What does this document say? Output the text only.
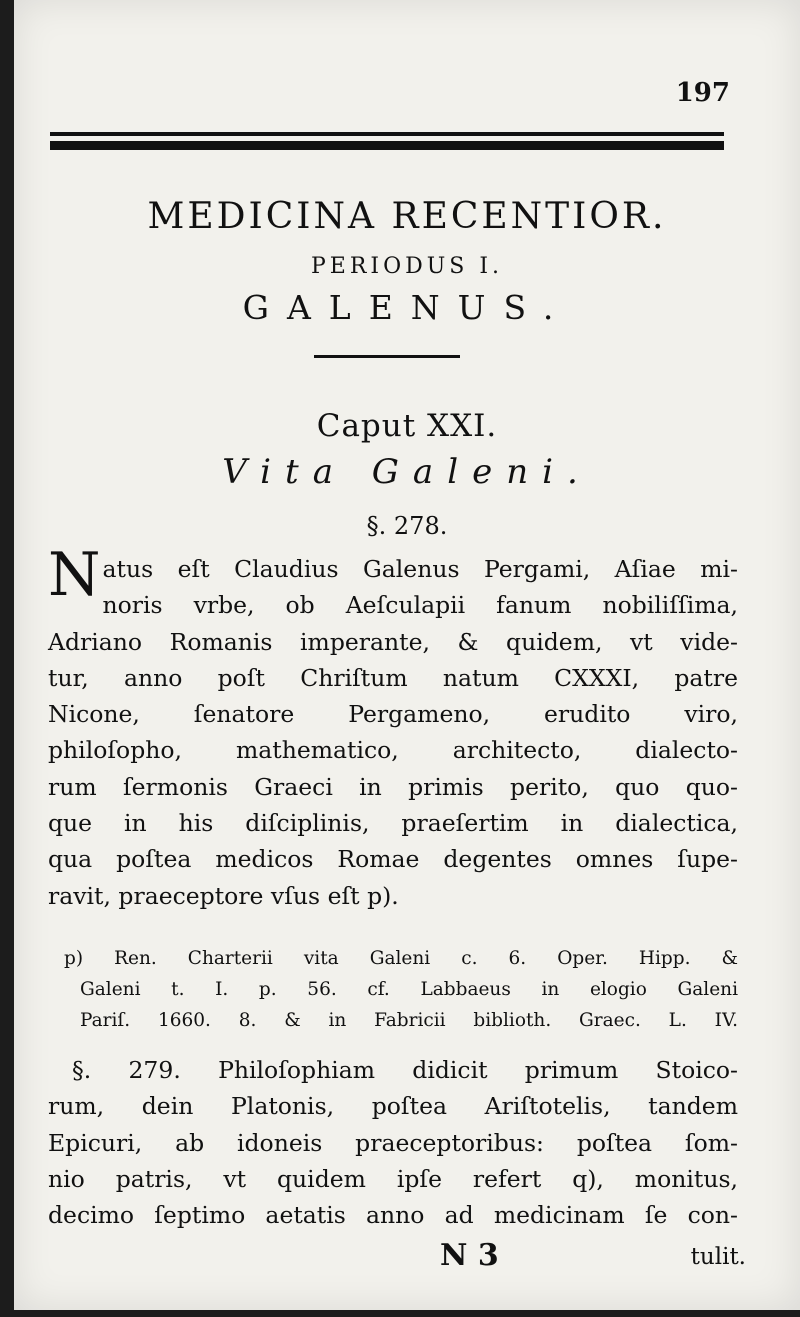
197
MEDICINA RECENTIOR.
PERIODUS I.
GALENUS.
Caput XXI.
Vita Galeni.
§. 278.
N atus eſt Claudius Galenus Pergami, Aſiae mi-
noris vrbe, ob Aeſculapii fanum nobiliſſima,
Adriano Romanis imperante, & quidem, vt vide-
tur, anno poſt Chriſtum natum CXXXI, patre
Nicone, ſenatore Pergameno, erudito viro,
philoſopho, mathematico, architecto, dialecto-
rum ſermonis Graeci in primis perito, quo quo-
que in his diſciplinis, praeſertim in dialectica,
qua poſtea medicos Romae degentes omnes ſupe-
ravit, praeceptore vſus eſt p).
p) Ren. Charterii vita Galeni c. 6. Oper. Hipp. &
Galeni t. I. p. 56. cf. Labbaeus in elogio Galeni
Pariſ. 1660. 8. & in Fabricii biblioth. Graec. L. IV.
§. 279. Philoſophiam didicit primum Stoico-
rum, dein Platonis, poſtea Ariſtotelis, tandem
Epicuri, ab idoneis praeceptoribus: poſtea ſom-
nio patris, vt quidem ipſe refert q), monitus,
decimo ſeptimo aetatis anno ad medicinam ſe con-
N 3	tulit.
